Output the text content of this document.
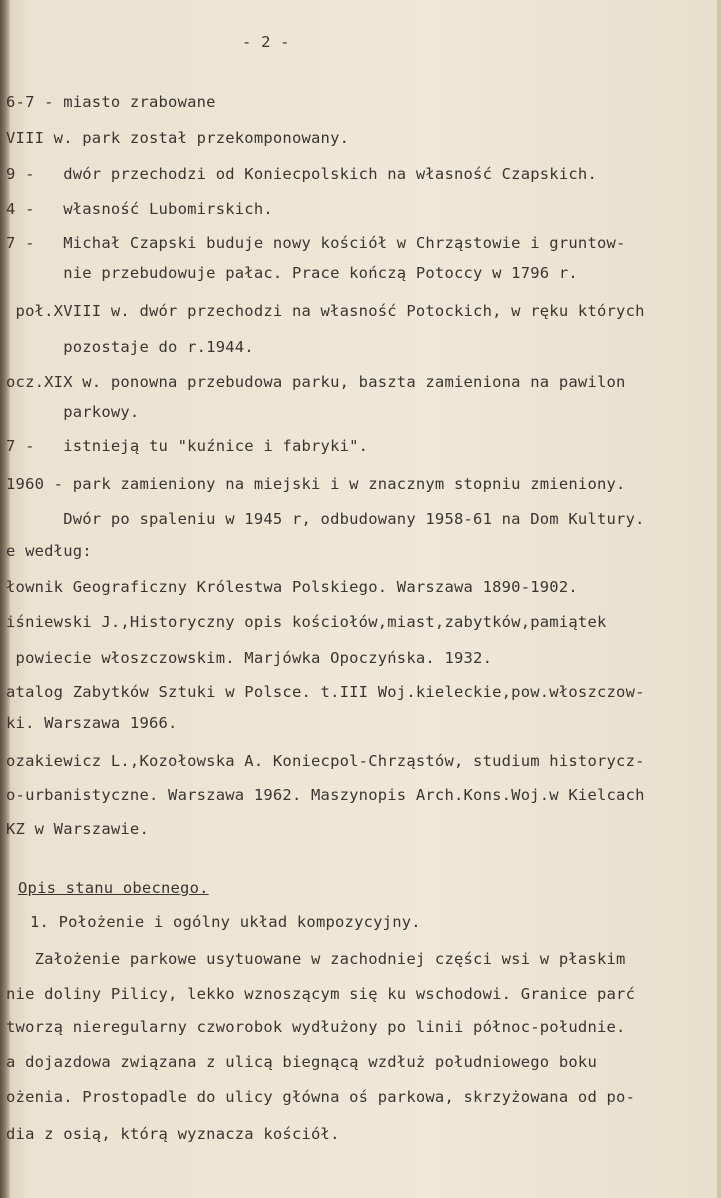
- 2 -
6-7 - miasto zrabowane
VIII w. park został przekomponowany.
9 -   dwór przechodzi od Koniecpolskich na własność Czapskich.
4 -   własność Lubomirskich.
7 -   Michał Czapski buduje nowy kościół w Chrząstowie i gruntow-
nie przebudowuje pałac. Prace kończą Potoccy w 1796 r.
poł.XVIII w. dwór przechodzi na własność Potockich, w ręku których
pozostaje do r.1944.
ocz.XIX w. ponowna przebudowa parku, baszta zamieniona na pawilon
parkowy.
7 -   istnieją tu "kuźnice i fabryki".
1960 - park zamieniony na miejski i w znacznym stopniu zmieniony.
Dwór po spaleniu w 1945 r, odbudowany 1958-61 na Dom Kultury.
e według:
łownik Geograficzny Królestwa Polskiego. Warszawa 1890-1902.
iśniewski J.,Historyczny opis kościołów,miast,zabytków,pamiątek
powiecie włoszczowskim. Marjówka Opoczyńska. 1932.
atalog Zabytków Sztuki w Polsce. t.III Woj.kieleckie,pow.włoszczow-
ki. Warszawa 1966.
ozakiewicz L.,Kozołowska A. Koniecpol-Chrząstów, studium historycz-
o-urbanistyczne. Warszawa 1962. Maszynopis Arch.Kons.Woj.w Kielcach
KZ w Warszawie.
Opis stanu obecnego.
1. Położenie i ogólny układ kompozycyjny.
Założenie parkowe usytuowane w zachodniej części wsi w płaskim
nie doliny Pilicy, lekko wznoszącym się ku wschodowi. Granice parć
tworzą nieregularny czworobok wydłużony po linii północ-południe.
a dojazdowa związana z ulicą biegnącą wzdłuż południowego boku
ożenia. Prostopadle do ulicy główna oś parkowa, skrzyżowana od po-
dia z osią, którą wyznacza kościół.
